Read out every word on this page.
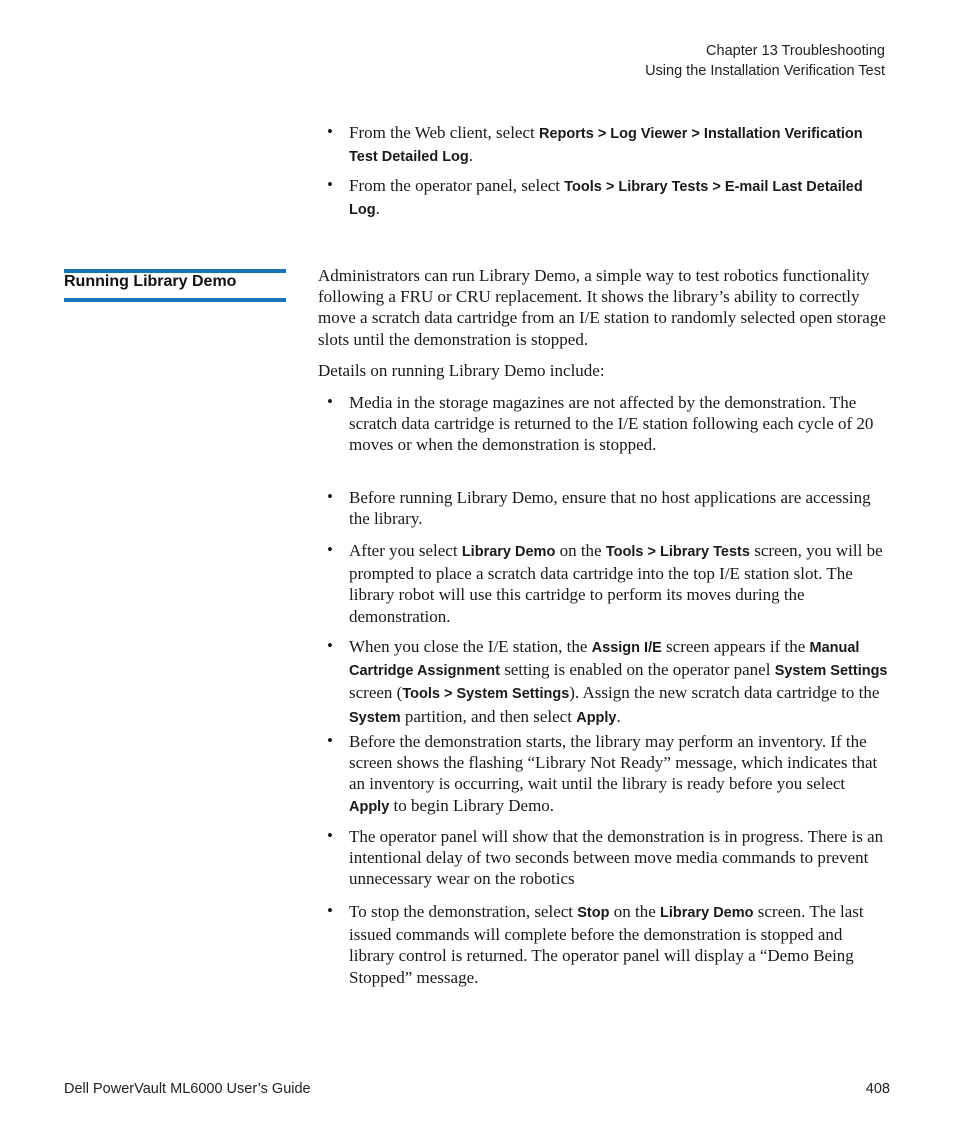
Chapter 13 Troubleshooting
Using the Installation Verification Test
• From the Web client, select Reports > Log Viewer > Installation Verification Test Detailed Log.
• From the operator panel, select Tools > Library Tests > E-mail Last Detailed Log.
Running Library Demo	Administrators can run Library Demo, a simple way to test robotics functionality following a FRU or CRU replacement. It shows the library’s ability to correctly move a scratch data cartridge from an I/E station to randomly selected open storage slots until the demonstration is stopped.
Details on running Library Demo include:
• Media in the storage magazines are not affected by the demonstration. The scratch data cartridge is returned to the I/E station following each cycle of 20 moves or when the demonstration is stopped.
• Before running Library Demo, ensure that no host applications are accessing the library.
• After you select Library Demo on the Tools > Library Tests screen, you will be prompted to place a scratch data cartridge into the top I/E station slot. The library robot will use this cartridge to perform its moves during the demonstration.
• When you close the I/E station, the Assign I/E screen appears if the Manual Cartridge Assignment setting is enabled on the operator panel System Settings screen (Tools > System Settings). Assign the new scratch data cartridge to the System partition, and then select Apply.
• Before the demonstration starts, the library may perform an inventory. If the screen shows the flashing “Library Not Ready” message, which indicates that an inventory is occurring, wait until the library is ready before you select Apply to begin Library Demo.
• The operator panel will show that the demonstration is in progress. There is an intentional delay of two seconds between move media commands to prevent unnecessary wear on the robotics
• To stop the demonstration, select Stop on the Library Demo screen. The last issued commands will complete before the demonstration is stopped and library control is returned. The operator panel will display a “Demo Being Stopped” message.
Dell PowerVault ML6000 User’s Guide	408
